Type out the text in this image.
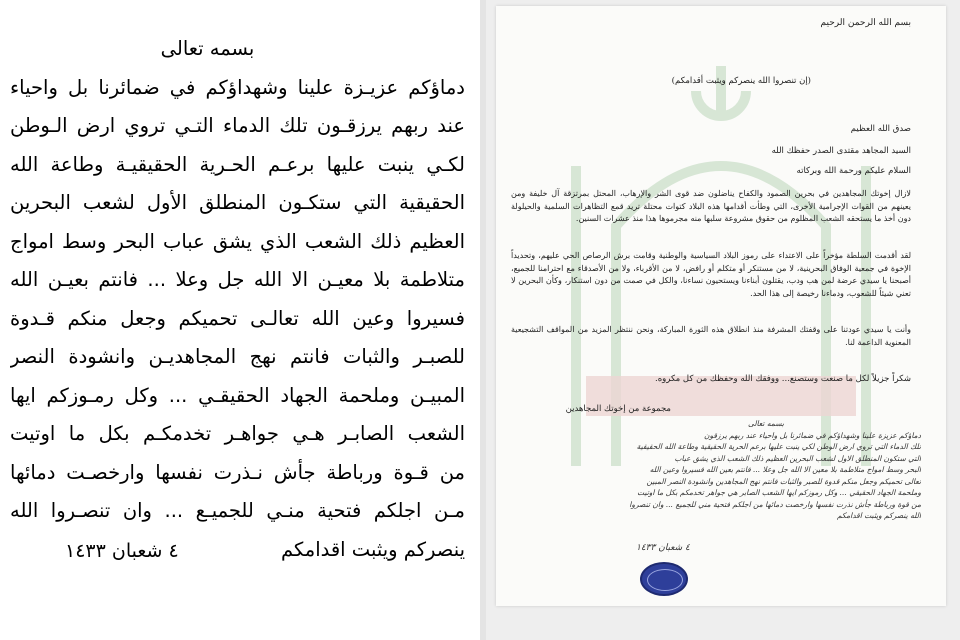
بسمه تعالى
دماؤكم عزيـزة علينا وشهداؤكم في ضمائرنا بل واحياء
عند ربهم يرزقـون تلك الدماء التـي تروي ارض الـوطن
لكـي ينبت عليها برعـم الحـرية الحقيقيـة وطاعة الله
الحقيقية التي ستكـون المنطلق الأول لشعب البحرين
العظيم ذلك الشعب الذي يشق عباب البحر وسط امواج
متلاطمة بلا معيـن الا الله جل وعلا ... فانتم بعيـن الله
فسيروا وعين الله تعالـى تحميكم وجعل منكم قـدوة
للصبـر والثبات فانتم نهج المجاهديـن وانشودة النصر
المبيـن وملحمة الجهاد الحقيقـي ... وكل رمـوزكم ايها
الشعب الصابـر هـي جواهـر تخدمكـم بكل ما اوتيت
من قـوة ورباطة جأش نـذرت نفسها وارخصـت دمائها
مـن اجلكم فتحية منـي للجميـع ... وان تنصـروا الله
ينصركم ويثبت اقدامكم
٤ شعبان ١٤٣٣
بسم الله الرحمن الرحيم
(إن تنصروا الله ينصركم ويثبت أقدامكم)
صدق الله العظيم
السيد المجاهد مقتدى الصدر حفظك الله
السلام عليكم ورحمة الله وبركاته
لازال إخوتك المجاهدين في بحرين الصمود والكفاح يناضلون ضد قوى الشر والإرهاب، المحتل بمرتزقة آل خليفة ومن يعينهم من القوات الإجرامية الأخرى، التي وطأت أقدامها هذه البلاد كتوات محتلة تريد قمع التظاهرات السلمية والحيلولة دون أخذ ما يستحقه الشعب المظلوم من حقوق مشروعة سلبها منه مجرموها هذا منذ عشرات السنين.
لقد أقدمت السلطة مؤخراً على الاعتداء على رموز البلاد السياسية والوطنية وقامت برش الرصاص الحي عليهم، وتحديداً الإخوة في جمعية الوفاق البحرينية، لا من مستنكر أو متكلم أو رافض، لا من الأقرباء، ولا من الأصدقاء مع احترامنا للجميع، أصبحنا يا سيدي عرضة لمن هب ودب، يقتلون أبناءنا ويستحيون نساءنا، والكل في صمت من دون استنكار، وكأن البحرين لا تعني شيئاً للشعوب، ودماءنا رخيصة إلى هذا الحد.
وأنت يا سيدي عودتنا على وقفتك المشرفة منذ انطلاق هذه الثورة المباركة، ونحن ننتظر المزيد من المواقف التشجيعية المعنوية الداعمة لنا.
شكراً جزيلاً لكل ما صنعت وستصنع... ووفقك الله وحفظك من كل مكروه.
مجموعة من إخوتك المجاهدين
بسمه تعالى
دماؤكم عزيزة علينا وشهداؤكم في ضمائرنا بل واحياء عند ربهم يرزقون
تلك الدماء التي تروي ارض الوطن لكي ينبت عليها برعم الحرية الحقيقية وطاعة الله الحقيقية
التي ستكون المنطلق الاول لشعب البحرين العظيم ذلك الشعب الذي يشق عباب
البحر وسط امواج متلاطمة بلا معين الا الله جل وعلا ... فانتم بعين الله فسيروا وعين الله
تعالى تحميكم وجعل منكم قدوة للصبر والثبات فانتم نهج المجاهدين وانشودة النصر المبين
وملحمة الجهاد الحقيقي ... وكل رموزكم ايها الشعب الصابر هي جواهر تخدمكم بكل ما اوتيت
من قوة ورباطة جأش نذرت نفسها وارخصت دمائها من اجلكم فتحية مني للجميع ... وان تنصروا
الله ينصركم ويثبت اقدامكم
٤ شعبان ١٤٣٣
